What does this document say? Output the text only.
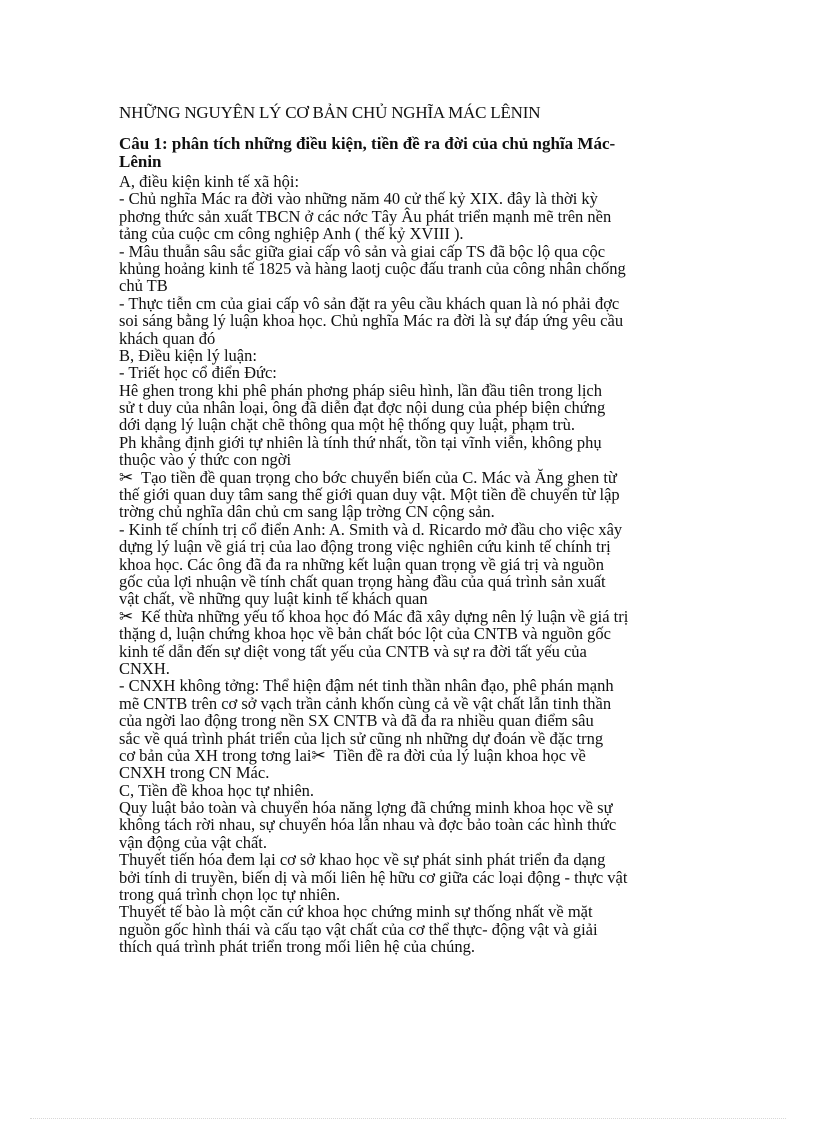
NHỮNG NGUYÊN LÝ CƠ BẢN CHỦ NGHĨA MÁC LÊNIN
Câu 1: phân tích những điều kiện, tiền đề ra đời của chủ nghĩa Mác-
Lênin
A, điều kiện kinh tế xã hội:
- Chủ nghĩa Mác ra đời vào những năm 40 cử thế kỷ XIX. đây là thời kỳ
phơng thức sản xuất TBCN ở các nớc Tây Âu phát triển mạnh mẽ trên nền
tảng của cuộc cm công nghiệp Anh ( thế kỷ XVIII ).
- Mâu thuẫn sâu sắc giữa giai cấp vô sản và giai cấp TS đã bộc lộ qua cộc
khủng hoảng kinh tế 1825 và hàng laotj cuộc đấu tranh của công nhân chống
chủ TB
- Thực tiễn cm của giai cấp vô sản đặt ra yêu cầu khách quan là nó phải đợc
soi sáng bằng lý luận khoa học. Chủ nghĩa Mác ra đời là sự đáp ứng yêu cầu
khách quan đó
B, Điều kiện lý luận:
- Triết học cổ điển Đức:
Hê ghen trong khi phê phán phơng pháp siêu hình, lần đầu tiên trong lịch
sử t duy của nhân loại, ông đã diễn đạt đợc nội dung của phép biện chứng
dới dạng lý luận chặt chẽ thông qua một hệ thống quy luật, phạm trù.
Ph khẳng định giới tự nhiên là tính thứ nhất, tồn tại vĩnh viễn, không phụ
thuộc vào ý thức con ngời
✂ Tạo tiền đề quan trọng cho bớc chuyển biến của C. Mác và Ăng ghen từ
thế giới quan duy tâm sang thế giới quan duy vật. Một tiền đề chuyển từ lập
trờng chủ nghĩa dân chủ cm sang lập trờng CN cộng sản.
- Kinh tế chính trị cổ điển Anh: A. Smith và d. Ricardo mở đầu cho việc xây
dựng lý luận về giá trị của lao động trong việc nghiên cứu kinh tế chính trị
khoa học. Các ông đã đa ra những kết luận quan trọng về giá trị và nguồn
gốc của lợi nhuận về tính chất quan trọng hàng đầu của quá trình sản xuất
vật chất, về những quy luật kinh tế khách quan
✂ Kế thừa những yếu tố khoa học đó Mác đã xây dựng nên lý luận về giá trị
thặng d, luận chứng khoa học về bản chất bóc lột của CNTB và nguồn gốc
kinh tế dẫn đến sự diệt vong tất yếu của CNTB và sự ra đời tất yếu của
CNXH.
- CNXH không tởng: Thể hiện đậm nét tinh thần nhân đạo, phê phán mạnh
mẽ CNTB trên cơ sở vạch trần cảnh khốn cùng cả về vật chất lẫn tinh thần
của ngời lao động trong nền SX CNTB và đã đa ra nhiều quan điểm sâu
sắc về quá trình phát triển của lịch sử cũng nh những dự đoán về đặc trng
cơ bản của XH trong tơng lai ✂ Tiền đề ra đời của lý luận khoa học về
CNXH trong CN Mác.
C, Tiền đề khoa học tự nhiên.
Quy luật bảo toàn và chuyển hóa năng lợng đã chứng minh khoa học về sự
không tách rời nhau, sự chuyển hóa lẫn nhau và đợc bảo toàn các hình thức
vận động của vật chất.
Thuyết tiến hóa đem lại cơ sở khao học về sự phát sinh phát triển đa dạng
bởi tính di truyền, biến dị và mối liên hệ hữu cơ giữa các loại động - thực vật
trong quá trình chọn lọc tự nhiên.
Thuyết tế bào là một căn cứ khoa học chứng minh sự thống nhất về mặt
nguồn gốc hình thái và cấu tạo vật chất của cơ thể thực- động vật và giải
thích quá trình phát triển trong mối liên hệ của chúng.
